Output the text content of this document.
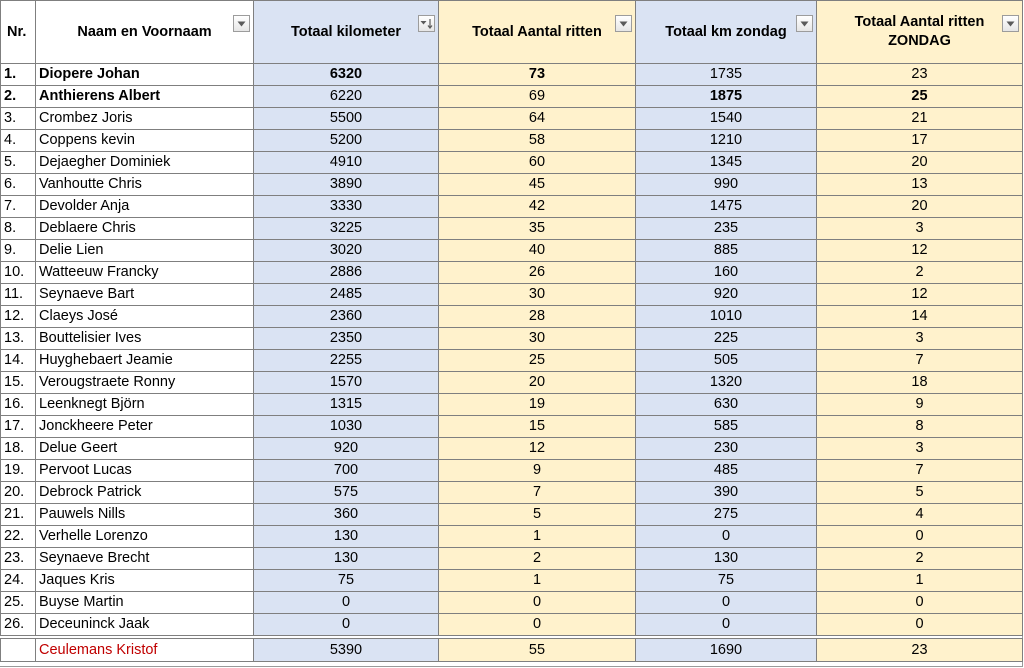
Nr.	Naam en Voornaam	Totaal kilometer	Totaal Aantal ritten	Totaal km zondag	Totaal Aantal ritten
ZONDAG

1.	Diopere Johan	6320	73	1735	23
2.	Anthierens Albert	6220	69	1875	25
3.	Crombez Joris	5500	64	1540	21
4.	Coppens kevin	5200	58	1210	17
5.	Dejaegher Dominiek	4910	60	1345	20
6.	Vanhoutte Chris	3890	45	990	13
7.	Devolder Anja	3330	42	1475	20
8.	Deblaere Chris	3225	35	235	3
9.	Delie Lien	3020	40	885	12
10.	Watteeuw Francky	2886	26	160	2
11.	Seynaeve Bart	2485	30	920	12
12.	Claeys José	2360	28	1010	14
13.	Bouttelisier Ives	2350	30	225	3
14.	Huyghebaert Jeamie	2255	25	505	7
15.	Verougstraete Ronny	1570	20	1320	18
16.	Leenknegt Björn	1315	19	630	9
17.	Jonckheere Peter	1030	15	585	8
18.	Delue Geert	920	12	230	3
19.	Pervoot Lucas	700	9	485	7
20.	Debrock Patrick	575	7	390	5
21.	Pauwels Nills	360	5	275	4
22.	Verhelle Lorenzo	130	1	0	0
23.	Seynaeve Brecht	130	2	130	2
24.	Jaques Kris	75	1	75	1
25.	Buyse Martin	0	0	0	0
26.	Deceuninck Jaak	0	0	0	0

	Ceulemans Kristof	5390	55	1690	23
